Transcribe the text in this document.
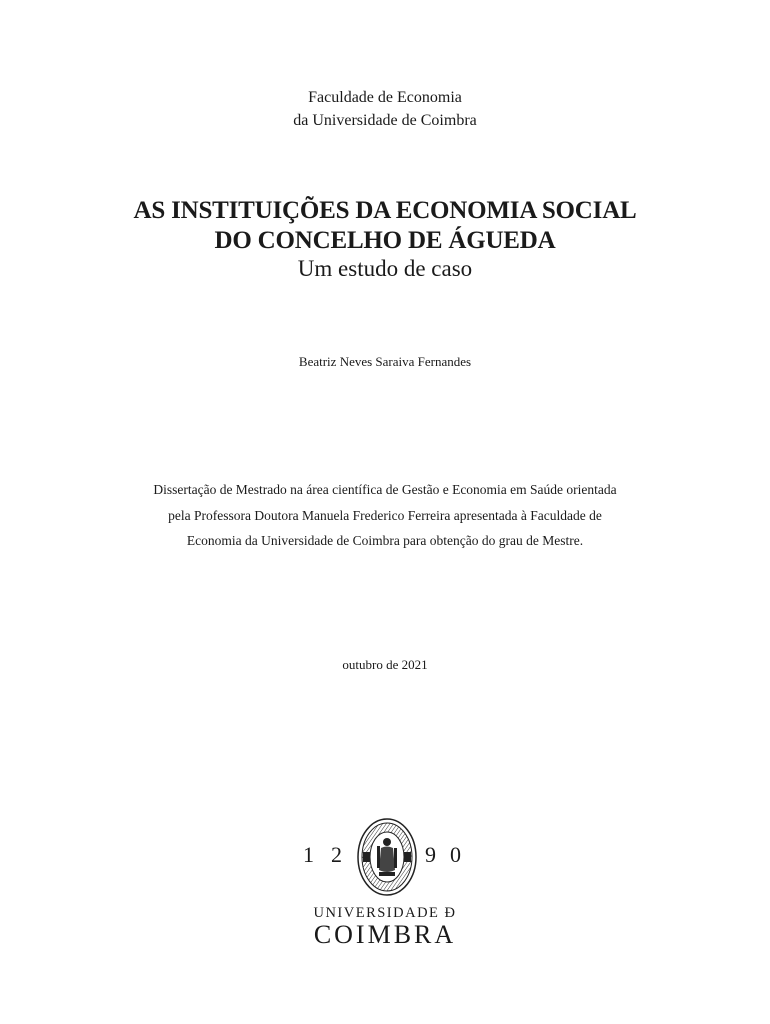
Faculdade de Economia
da Universidade de Coimbra
AS INSTITUIÇÕES DA ECONOMIA SOCIAL
DO CONCELHO DE ÁGUEDA
Um estudo de caso
Beatriz Neves Saraiva Fernandes
Dissertação de Mestrado na área científica de Gestão e Economia em Saúde orientada
pela Professora Doutora Manuela Frederico Ferreira apresentada à Faculdade de
Economia da Universidade de Coimbra para obtenção do grau de Mestre.
outubro de 2021
1 2	9 0
UNIVERSIDADE Ð
COIMBRA
